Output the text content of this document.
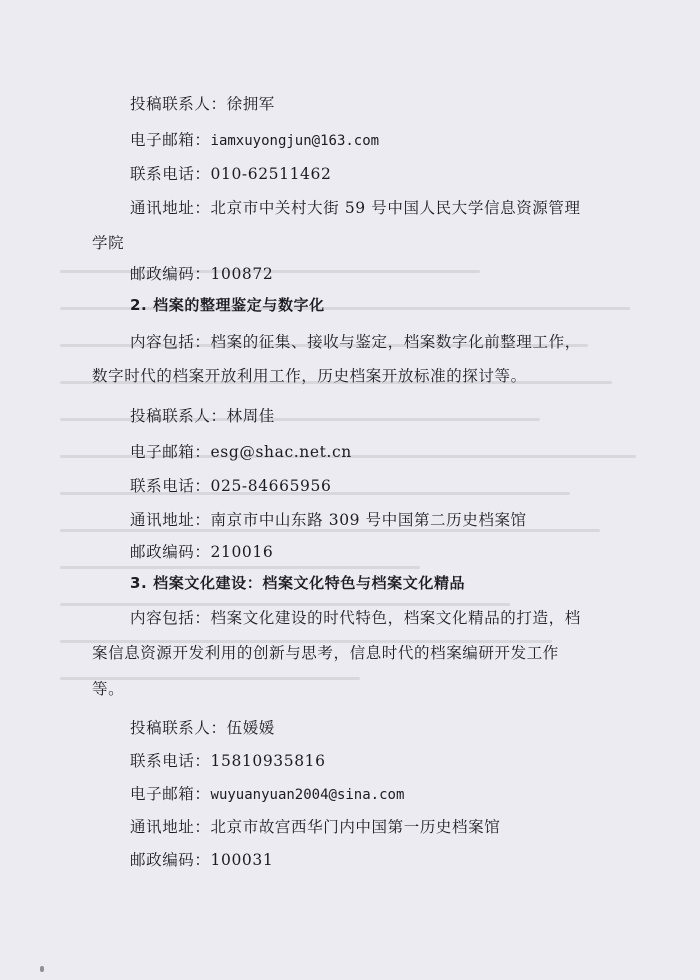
投稿联系人：徐拥军
电子邮箱：iamxuyongjun@163.com
联系电话：010-62511462
通讯地址：北京市中关村大街 59 号中国人民大学信息资源管理
学院
邮政编码：100872
2. 档案的整理鉴定与数字化
内容包括：档案的征集、接收与鉴定，档案数字化前整理工作，
数字时代的档案开放利用工作，历史档案开放标准的探讨等。
投稿联系人：林周佳
电子邮箱：esg@shac.net.cn
联系电话：025-84665956
通讯地址：南京市中山东路 309 号中国第二历史档案馆
邮政编码：210016
3. 档案文化建设：档案文化特色与档案文化精品
内容包括：档案文化建设的时代特色，档案文化精品的打造，档
案信息资源开发利用的创新与思考，信息时代的档案编研开发工作
等。
投稿联系人：伍媛媛
联系电话：15810935816
电子邮箱：wuyuanyuan2004@sina.com
通讯地址：北京市故宫西华门内中国第一历史档案馆
邮政编码：100031
